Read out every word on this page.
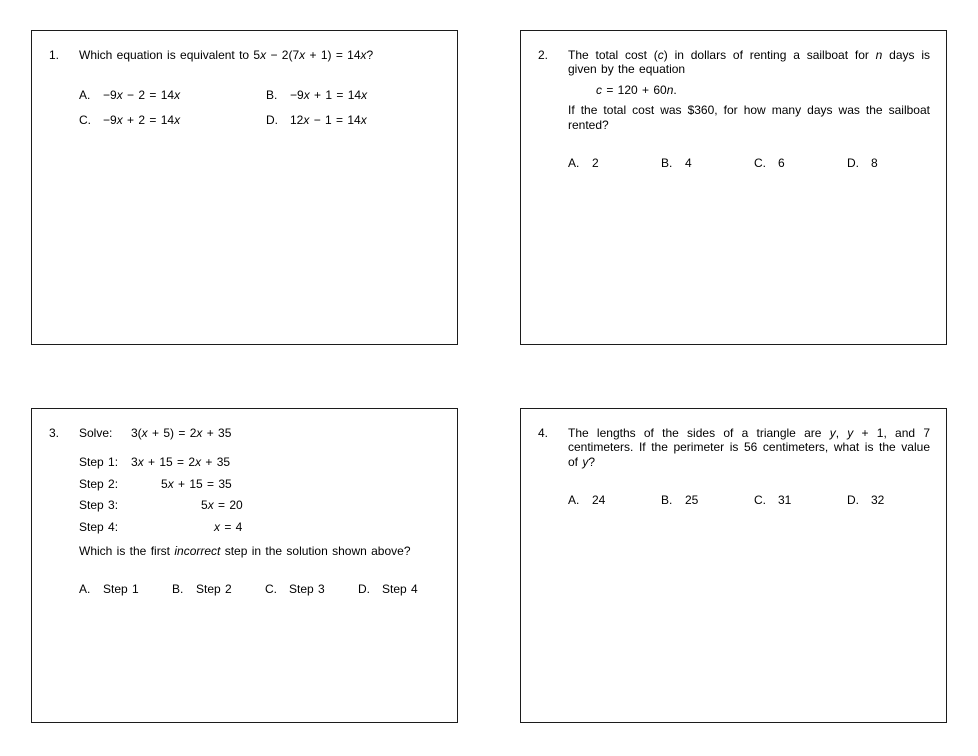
1.	Which equation is equivalent to 5x − 2(7x + 1) = 14x?

A.	−9x − 2 = 14x	B.	−9x + 1 = 14x
C.	−9x + 2 = 14x	D.	12x − 1 = 14x
2.	The total cost (c) in dollars of renting a sailboat for n days is given by the equation

c = 120 + 60n.

If the total cost was $360, for how many days was the sailboat rented?

A.	2	B.	4	C.	6	D.	8
3.	Solve:	3(x + 5) = 2x + 35
Step 1:	3x + 15 = 2x + 35
Step 2:	5x + 15 = 35
Step 3:	5x = 20
Step 4:	x = 4

Which is the first incorrect step in the solution shown above?

A.	Step 1	B.	Step 2	C.	Step 3	D.	Step 4
4.	The lengths of the sides of a triangle are y, y + 1, and 7 centimeters. If the perimeter is 56 centimeters, what is the value of y?

A.	24	B.	25	C.	31	D.	32
